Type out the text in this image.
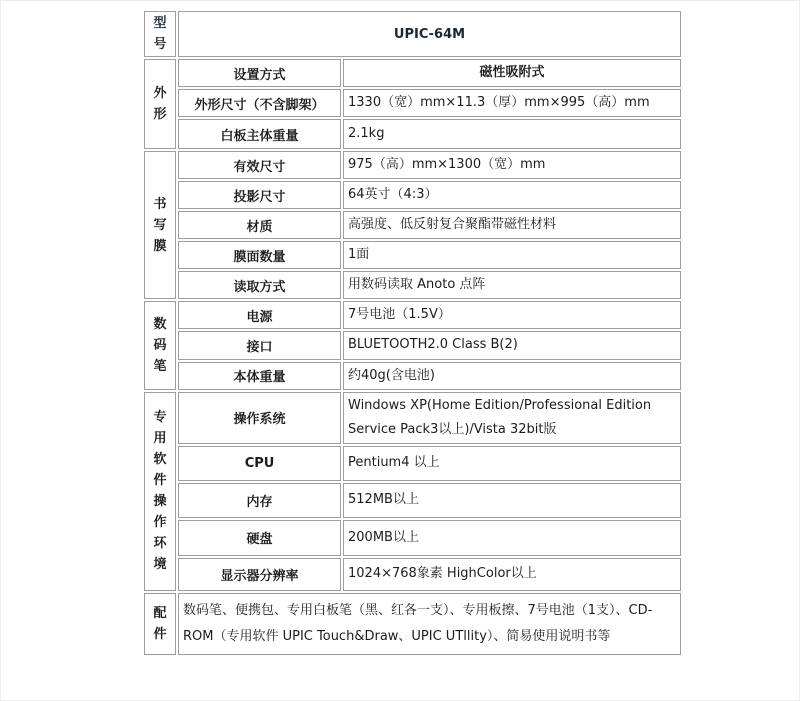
型号	UPIC-64M	

外形	设置方式	磁性吸附式
	外形尺寸（不含脚架）	1330（宽）mm×11.3（厚）mm×995（高）mm
	白板主体重量	2.1kg

书写膜	有效尺寸	975（高）mm×1300（宽）mm
	投影尺寸	64英寸（4:3）
	材质	高强度、低反射复合聚酯带磁性材料
	膜面数量	1面
	读取方式	用数码读取 Anoto 点阵

数码笔	电源	7号电池（1.5V）
	接口	BLUETOOTH2.0 Class B(2)
	本体重量	约40g(含电池)

专用软件操作环境	操作系统	Windows XP(Home Edition/Professional Edition Service Pack3以上)/Vista 32bit版
	CPU	Pentium4 以上
	内存	512MB以上
	硬盘	200MB以上
	显示器分辨率	1024×768象素 HighColor以上

配件	数码笔、便携包、专用白板笔（黑、红各一支）、专用板擦、7号电池（1支）、CD-ROM（专用软件 UPIC Touch&Draw、UPIC UTllity）、简易使用说明书等	
